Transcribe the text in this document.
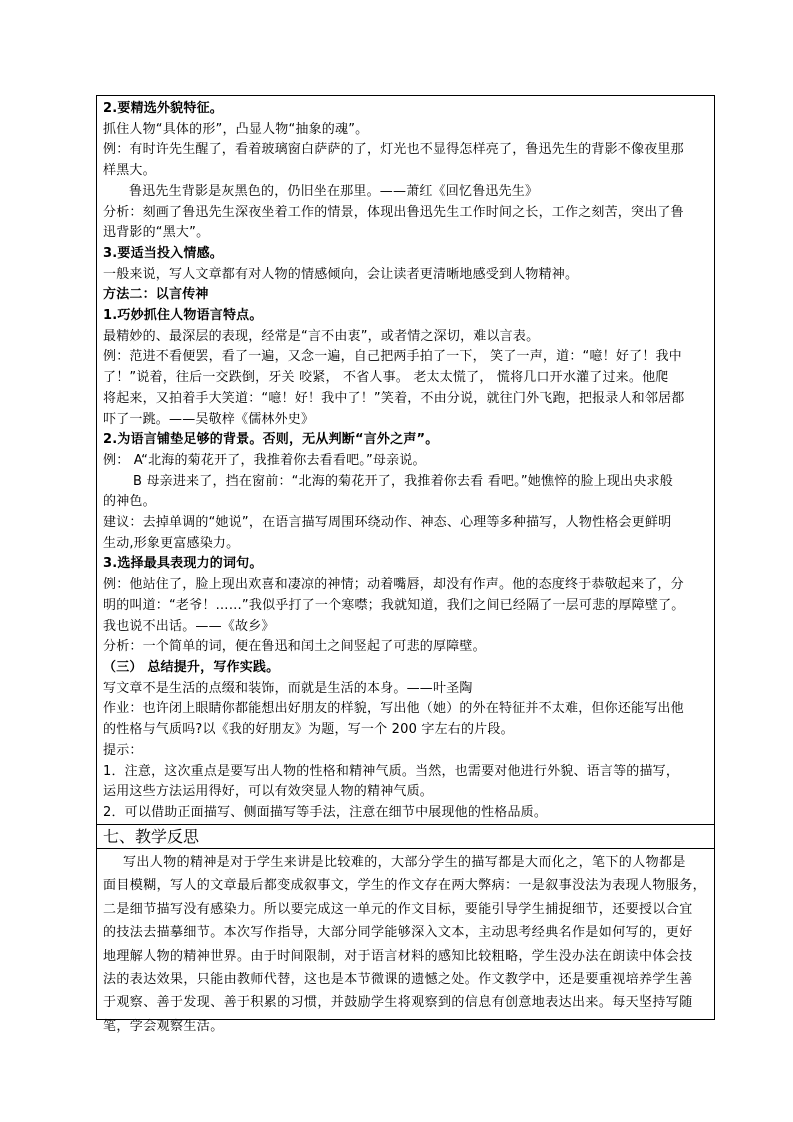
2.要精选外貌特征。
抓住人物“具体的形”，凸显人物“抽象的魂”。
例：有时许先生醒了，看着玻璃窗白萨萨的了，灯光也不显得怎样亮了，鲁迅先生的背影不像夜里那
样黑大。
鲁迅先生背影是灰黑色的，仍旧坐在那里。——萧红《回忆鲁迅先生》
分析：刻画了鲁迅先生深夜坐着工作的情景，体现出鲁迅先生工作时间之长，工作之刻苦，突出了鲁
迅背影的“黑大”。
3.要适当投入情感。
一般来说，写人文章都有对人物的情感倾向，会让读者更清晰地感受到人物精神。
方法二：以言传神
1.巧妙抓住人物语言特点。
最精妙的、最深层的表现，经常是“言不由衷”，或者情之深切，难以言表。
例：范进不看便罢，看了一遍，又念一遍，自己把两手拍了一下， 笑了一声，道：“噫！好了！我中
了！”说着，往后一交跌倒，牙关 咬紧， 不省人事。 老太太慌了， 慌将几口开水灌了过来。他爬
将起来，又拍着手大笑道：“噫！好！我中了！”笑着，不由分说，就往门外飞跑，把报录人和邻居都
吓了一跳。——吴敬梓《儒林外史》
2.为语言铺垫足够的背景。否则，无从判断“言外之声”。
例： A“北海的菊花开了，我推着你去看看吧。”母亲说。
B 母亲进来了，挡在窗前：“北海的菊花开了，我推着你去看 看吧。”她憔悴的脸上现出央求般
的神色。
建议：去掉单调的“她说”，在语言描写周围环绕动作、神态、心理等多种描写，人物性格会更鲜明
生动,形象更富感染力。
3.选择最具表现力的词句。
例：他站住了，脸上现出欢喜和凄凉的神情；动着嘴唇，却没有作声。他的态度终于恭敬起来了，分
明的叫道：“老爷！……”我似乎打了一个寒噤；我就知道，我们之间已经隔了一层可悲的厚障壁了。
我也说不出话。——《故乡》
分析：一个简单的词，便在鲁迅和闰土之间竖起了可悲的厚障壁。
（三） 总结提升，写作实践。
写文章不是生活的点缀和装饰，而就是生活的本身。——叶圣陶
作业：也许闭上眼睛你都能想出好朋友的样貌，写出他（她）的外在特征并不太难，但你还能写出他
的性格与气质吗?以《我的好朋友》为题，写一个 200 字左右的片段。
提示：
1．注意，这次重点是要写出人物的性格和精神气质。当然，也需要对他进行外貌、语言等的描写，
运用这些方法运用得好，可以有效突显人物的精神气质。
2．可以借助正面描写、侧面描写等手法，注意在细节中展现他的性格品质。
七、教学反思
写出人物的精神是对于学生来讲是比较难的，大部分学生的描写都是大而化之，笔下的人物都是
面目模糊，写人的文章最后都变成叙事文，学生的作文存在两大弊病：一是叙事没法为表现人物服务，
二是细节描写没有感染力。所以要完成这一单元的作文目标，要能引导学生捕捉细节，还要授以合宜
的技法去描摹细节。本次写作指导，大部分同学能够深入文本，主动思考经典名作是如何写的，更好
地理解人物的精神世界。由于时间限制，对于语言材料的感知比较粗略，学生没办法在朗读中体会技
法的表达效果，只能由教师代替，这也是本节微课的遗憾之处。作文教学中，还是要重视培养学生善
于观察、善于发现、善于积累的习惯，并鼓励学生将观察到的信息有创意地表达出来。每天坚持写随
笔，学会观察生活。
